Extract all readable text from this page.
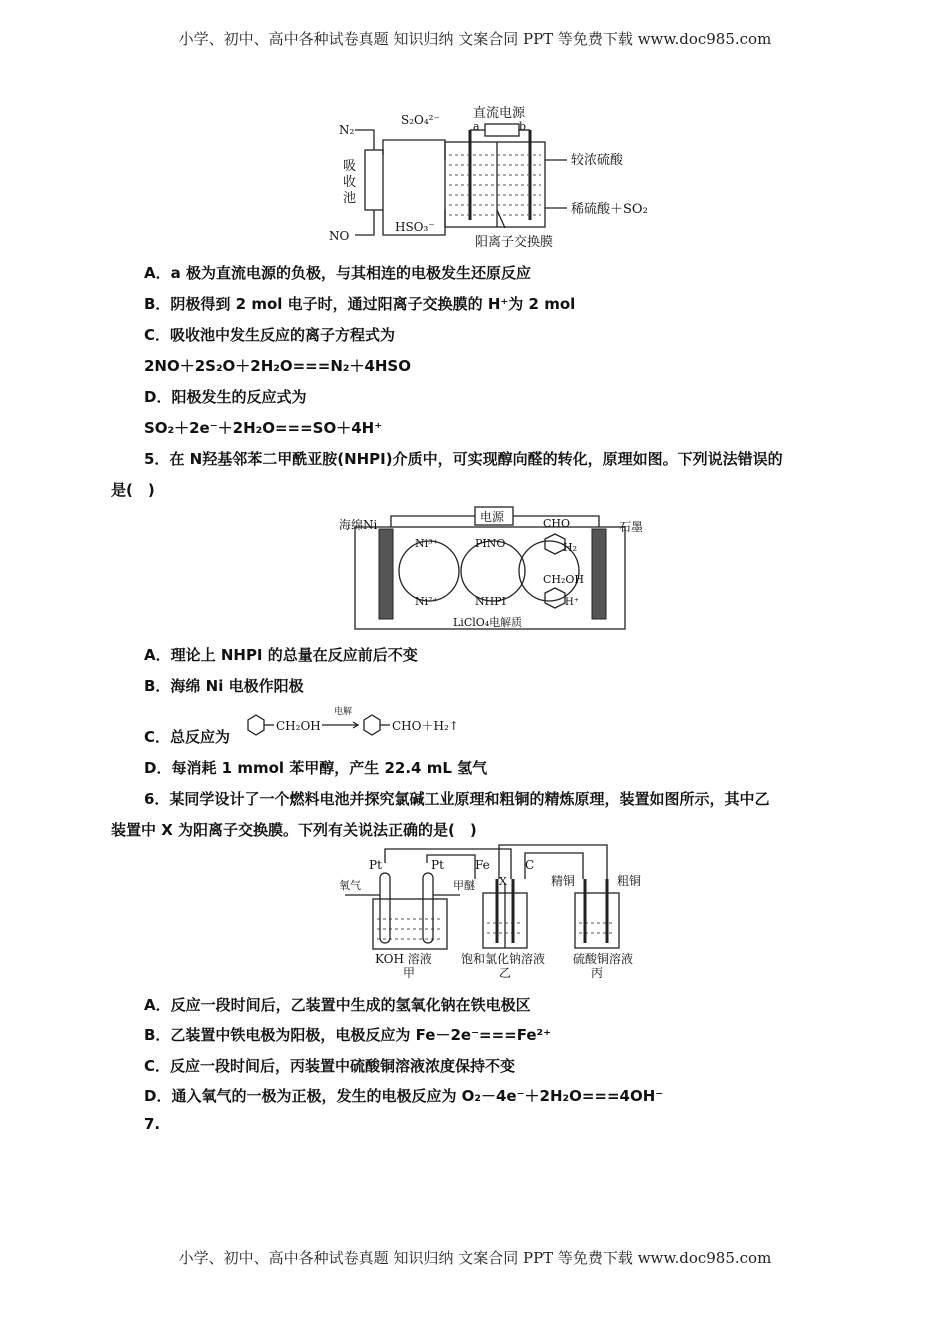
小学、初中、高中各种试卷真题 知识归纳 文案合同 PPT 等免费下载 www.doc985.com
直流电源
a	b
吸
收
池
N₂
S₂O₄²⁻
NO
HSO₃⁻
较浓硫酸
稀硫酸＋SO₂
阳离子交换膜
A．a 极为直流电源的负极，与其相连的电极发生还原反应
B．阴极得到 2 mol 电子时，通过阳离子交换膜的 H⁺为 2 mol
C．吸收池中发生反应的离子方程式为
2NO＋2S₂O＋2H₂O===N₂＋4HSO
D．阳极发生的反应式为
SO₂＋2e⁻＋2H₂O===SO＋4H⁺
5．在 N羟基邻苯二甲酰亚胺(NHPI)介质中，可实现醇向醛的转化，原理如图。下列说法错误的
是(　)
电源
海绵Ni	石墨
Ni³⁺
Ni²⁺
PINO
NHPI
CHO
H₂
CH₂OH
H⁺
LiClO₄电解质
A．理论上 NHPI 的总量在反应前后不变
B．海绵 Ni 电极作阳极
C．总反应为
CH₂OH
电解
CHO＋H₂↑
D．每消耗 1 mmol 苯甲醇，产生 22.4 mL 氢气
6．某同学设计了一个燃料电池并探究氯碱工业原理和粗铜的精炼原理，装置如图所示，其中乙
装置中 X 为阳离子交换膜。下列有关说法正确的是(　)
Pt	Pt	Fe	C
X
氧气	甲醚
KOH 溶液
甲
饱和氯化钠溶液
乙
精铜	粗铜
硫酸铜溶液
丙
A．反应一段时间后，乙装置中生成的氢氧化钠在铁电极区
B．乙装置中铁电极为阳极，电极反应为 Fe－2e⁻===Fe²⁺
C．反应一段时间后，丙装置中硫酸铜溶液浓度保持不变
D．通入氧气的一极为正极，发生的电极反应为 O₂－4e⁻＋2H₂O===4OH⁻
7.
小学、初中、高中各种试卷真题 知识归纳 文案合同 PPT 等免费下载 www.doc985.com
